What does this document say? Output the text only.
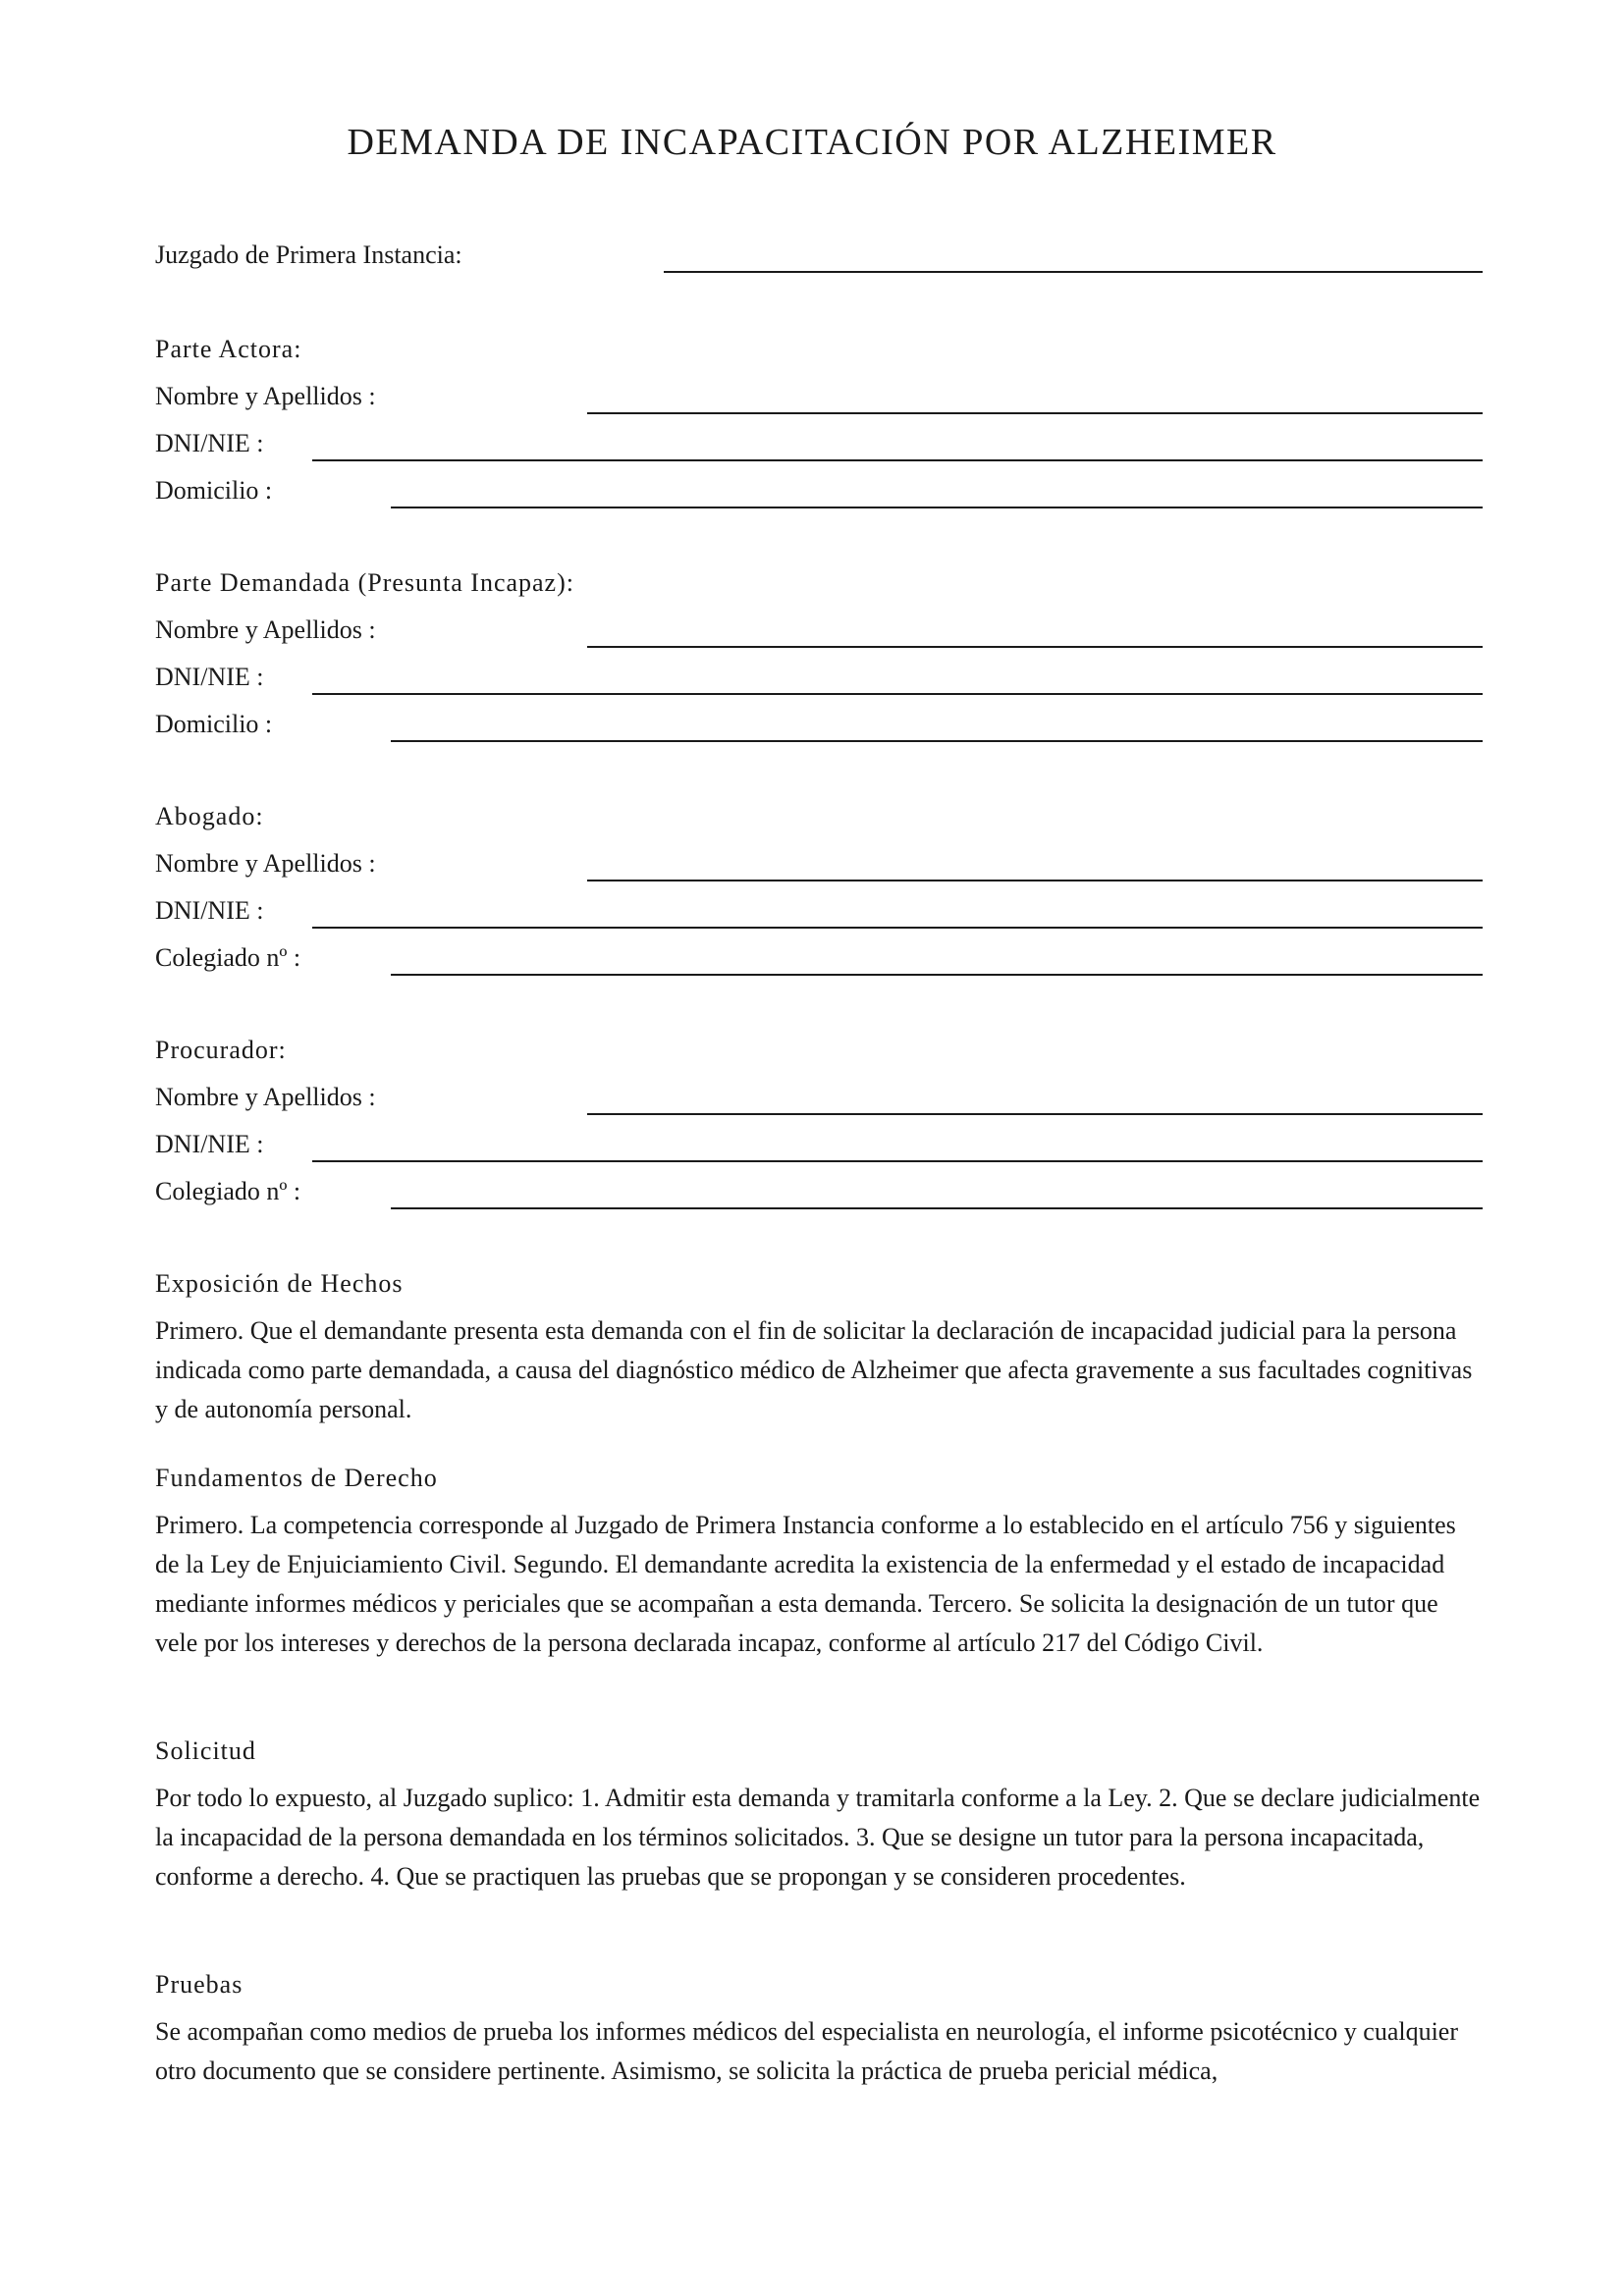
DEMANDA DE INCAPACITACIÓN POR ALZHEIMER
Juzgado de Primera Instancia:
Parte Actora:
Nombre y Apellidos :
DNI/NIE :
Domicilio :
Parte Demandada (Presunta Incapaz):
Nombre y Apellidos :
DNI/NIE :
Domicilio :
Abogado:
Nombre y Apellidos :
DNI/NIE :
Colegiado nº :
Procurador:
Nombre y Apellidos :
DNI/NIE :
Colegiado nº :
Exposición de Hechos

Primero. Que el demandante presenta esta demanda con el fin de solicitar la declaración de incapacidad judicial para la persona indicada como parte demandada, a causa del diagnóstico médico de Alzheimer que afecta gravemente a sus facultades cognitivas y de autonomía personal.

Fundamentos de Derecho

Primero. La competencia corresponde al Juzgado de Primera Instancia conforme a lo establecido en el artículo 756 y siguientes de la Ley de Enjuiciamiento Civil. Segundo. El demandante acredita la existencia de la enfermedad y el estado de incapacidad mediante informes médicos y periciales que se acompañan a esta demanda. Tercero. Se solicita la designación de un tutor que vele por los intereses y derechos de la persona declarada incapaz, conforme al artículo 217 del Código Civil.

Solicitud

Por todo lo expuesto, al Juzgado suplico: 1. Admitir esta demanda y tramitarla conforme a la Ley. 2. Que se declare judicialmente la incapacidad de la persona demandada en los términos solicitados. 3. Que se designe un tutor para la persona incapacitada, conforme a derecho. 4. Que se practiquen las pruebas que se propongan y se consideren procedentes.

Pruebas

Se acompañan como medios de prueba los informes médicos del especialista en neurología, el informe psicotécnico y cualquier otro documento que se considere pertinente. Asimismo, se solicita la práctica de prueba pericial médica,
